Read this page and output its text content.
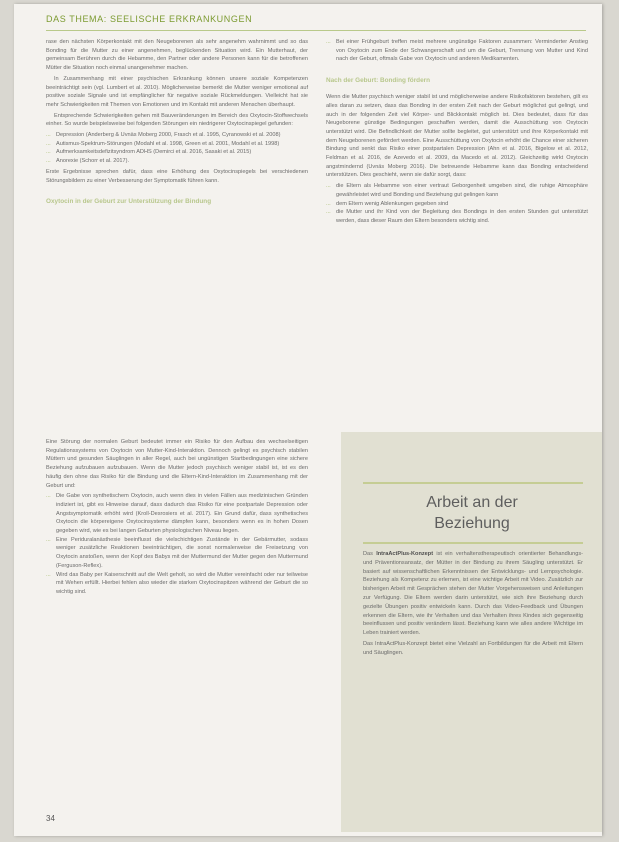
DAS THEMA: SEELISCHE ERKRANKUNGEN

rase den nächsten Körperkontakt mit den Neugeborenen als sehr angenehm wahrnimmt und so das Bonding für die Mutter zu einer angenehmen, beglückenden Situation wird. Ein Mutterhaut, der gemeinsam Berühren durch die Hebamme, den Partner oder andere Personen kann für die betroffenen Mütter die Situation noch einmal unangenehmer machen.

In Zusammenhang mit einer psychischen Erkrankung können unsere soziale Kompetenzen beeinträchtigt sein (vgl. Lumbert et al. 2010). Möglicherweise bemerkt die Mutter weniger emotional auf positive soziale Signale und ist empfänglicher für negative soziale Rückmeldungen. Vielleicht hat sie mehr Schwierigkeiten mit Themen von Emotionen und im Kontakt mit anderen Menschen überhaupt.

Entsprechende Schwierigkeiten gehen mit Bauveränderungen im Bereich des Oxytocin-Stoffwechsels einher. So wurde beispielsweise bei folgenden Störungen ein niedrigerer Oxytocinspiegel gefunden:

... Depression (Anderberg & Uvnäs Moberg 2000, Frasch et al. 1995, Cyranowski et al. 2008)
... Autismus-Spektrum-Störungen (Modahl et al. 1998, Green et al. 2001, Modahl et al. 1998)
... Aufmerksamkeitsdefizitsyndrom ADHS (Demirci et al. 2016, Sasaki et al. 2015)
... Anorexie (Schorr et al. 2017).

Erste Ergebnisse sprechen dafür, dass eine Erhöhung des Oxytocinspiegels bei verschiedenen Störungsbildern zu einer Verbesserung der Symptomatik führen kann.

Oxytocin in der Geburt zur Unterstützung der Bindung

Eine Störung der normalen Geburt bedeutet immer ein Risiko für den Aufbau des wechselseitigen Regulationssystems von Oxytocin von Mutter-Kind-Interaktion. Dennoch gelingt es psychisch stabilen Müttern und gesunden Säuglingen in aller Regel, auch bei ungünstigen Startbedingungen eine sichere Beziehung aufzubauen aufzubauen. Wenn die Mutter jedoch psychisch weniger stabil ist, ist es den häufig den ohne das Risiko für die Bindung und die Eltern-Kind-Interaktion im Zusammenhang mit der Geburt und:

... Die Gabe von synthetischem Oxytocin, auch wenn dies in vielen Fällen aus medizinischen Gründen indiziert ist, gibt es Hinweise darauf, dass dadurch das Risiko für eine postpartale Depression oder Angstsymptomatik erhöht wird (Kroll-Desrosiers et al. 2017). Ein Grund dafür, dass synthetisches Oxytocin die körpereigene Oxytocinsysteme dämpfen kann, besonders wenn es in hohen Dosen gegeben wird, wie es bei langen Geburten physiologischen Niveau liegen.
... Eine Periduralanästhesie beeinflusst die vielschichtigen Zustände in der Gebärmutter, sodass weniger zusätzliche Reaktionen beeinträchtigen, die sonst normalerweise die Freisetzung von Oxytocin anstoßen, wenn der Kopf des Babys mit der Muttermund der Mutter gegen den Muttermund (Ferguson-Reflex).
... Wird das Baby per Kaiserschnitt auf die Welt geholt, so wird die Mutter vereinfacht oder nur teilweise mit Wehen erfüllt. Hierbei fehlen also wieder die starken Oxytocinspitzen während der Geburt die so wichtig sind.
... Bei einer Frühgeburt treffen meist mehrere ungünstige Faktoren zusammen: Verminderter Anstieg von Oxytocin zum Ende der Schwangerschaft und um die Geburt, Trennung von Mutter und Kind nach der Geburt, oftmals Gabe von Oxytocin und anderen Medikamenten.
Nach der Geburt: Bonding fördern

Wenn die Mutter psychisch weniger stabil ist und möglicherweise andere Risikofaktoren bestehen, gilt es alles daran zu setzen, dass das Bonding in der ersten Zeit nach der Geburt möglichst gut gelingt, und auch in der folgenden Zeit viel Körper- und Blickkontakt möglich ist. Dies bedeutet, dass für das Neugeborene günstige Bedingungen geschaffen werden, damit die Ausschüttung von Oxytocin unterstützt wird. Die Befindlichkeit der Mutter sollte begleitet, gut unterstützt und ihre Körperkontakt mit dem Neugeborenen gefördert werden. Eine Ausschüttung von Oxytocin erhöht die Chance einer sicheren Bindung und senkt das Risiko einer postpartalen Depression (Ahn et al. 2016, Bigelow et al. 2012, Feldman et al. 2016, de Azevedo et al. 2009, da Macedo et al. 2012). Gleichzeitig wirkt Oxytocin angstmindernd (Uvnäs Moberg 2016). Die betreuende Hebamme kann das Bonding entscheidend unterstützen. Dies geschieht, wenn sie dafür sorgt, dass:

... die Eltern als Hebamme von einer vertraut Geborgenheit umgeben sind, die ruhige Atmosphäre gewährleistet wird und Bonding und Beziehung gut gelingen kann
... dem Eltern wenig Ablenkungen gegeben sind
... die Mutter und ihr Kind von der Begleitung des Bondings in den ersten Stunden gut unterstützt werden, dass dieser Raum den Eltern besonders wichtig sind.
Arbeit an der
Beziehung

Das IntraActPlus-Konzept ist ein verhaltenstherapeutisch orientierter Behandlungs- und Präventionsansatz, der Mütter in der Bindung zu ihrem Säugling unterstützt. Er basiert auf wissenschaftlichen Erkenntnissen der Entwicklungs- und Lernpsychologie. Beziehung als Kompetenz zu erlernen, ist eine wichtige Arbeit mit Video. Zusätzlich zur bisherigen Arbeit mit Gesprächen stehen der Mutter Vorgehensweisen und Anleitungen zur Verfügung. Die Eltern werden darin unterstützt, wie sich ihre Beziehung durch gezielte Übungen positiv entwickeln kann. Durch das Video-Feedback und Übungen erkennen die Eltern, wie ihr Verhalten und das Verhalten ihres Kindes sich gegenseitig beeinflussen und positiv verändern lässt. Beziehung kann wie alles andere Wichtige im Leben trainiert werden.

Das IntraActPlus-Konzept bietet eine Vielzahl an Fortbildungen für die Arbeit mit Eltern und Säuglingen.

34
